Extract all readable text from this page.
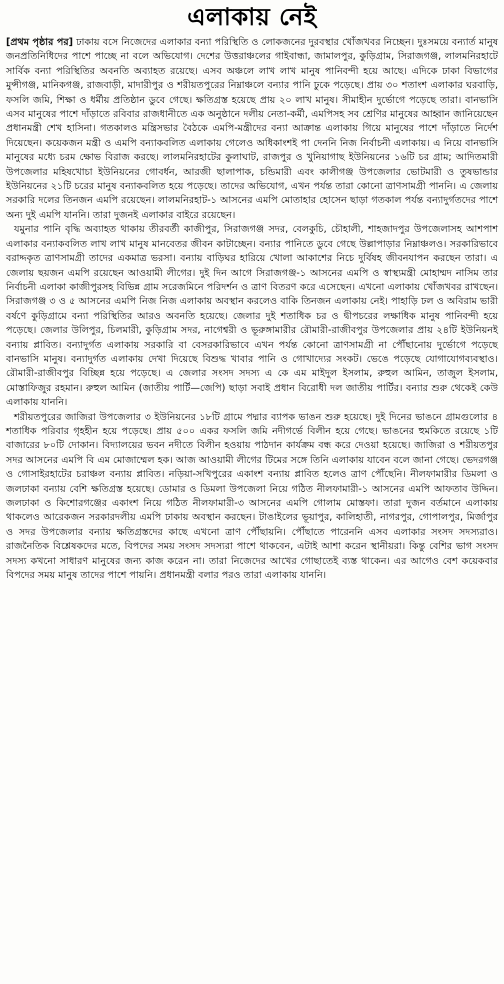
এলাকায় নেই

[প্রথম পৃষ্ঠার পর] ঢাকায় বসে নিজেদের এলাকার বন্যা পরিস্থিতি ও লোকজনের দুরবস্থার খোঁজখবর নিচ্ছেন। দুঃসময়ে বন্যার্ত মানুষ জনপ্রতিনিধিদের পাশে পাচ্ছে না বলে অভিযোগ। দেশের উত্তরাঞ্চলের গাইবান্ধা, জামালপুর, কুড়িগ্রাম, সিরাজগঞ্জ, লালমনিরহাটে সার্বিক বন্যা পরিস্থিতির অবনতি অব্যাহত রয়েছে। এসব অঞ্চলে লাখ লাখ মানুষ পানিবন্দী হয়ে আছে। এদিকে ঢাকা বিভাগের মুন্সীগঞ্জ, মানিকগঞ্জ, রাজবাড়ী, মাদারীপুর ও শরীয়তপুরের নিম্নাঞ্চলে বন্যার পানি ঢুকে পড়েছে। প্রায় ৩০ শতাংশ এলাকার ঘরবাড়ি, ফসলি জমি, শিক্ষা ও ধর্মীয় প্রতিষ্ঠান ডুবে গেছে। ক্ষতিগ্রস্ত হয়েছে প্রায় ২০ লাখ মানুষ। সীমাহীন দুর্ভোগে পড়েছে তারা। বানভাসি এসব মানুষের পাশে দাঁড়াতে রবিবার রাজধানীতে এক অনুষ্ঠানে দলীয় নেতা-কর্মী, এমপিসহ সব শ্রেণির মানুষের আহ্বান জানিয়েছেন প্রধানমন্ত্রী শেখ হাসিনা। গতকালও মন্ত্রিসভার বৈঠকে এমপি-মন্ত্রীদের বন্যা আক্রান্ত এলাকায় গিয়ে মানুষের পাশে দাঁড়াতে নির্দেশ দিয়েছেন। কয়েকজন মন্ত্রী ও এমপি বন্যাকবলিত এলাকায় গেলেও অধিকাংশই পা দেননি নিজ নির্বাচনী এলাকায়। এ নিয়ে বানভাসি মানুষের মধ্যে চরম ক্ষোভ বিরাজ করছে। লালমনিরহাটের কুলাঘাট, রাজপুর ও খুনিয়াগাছ ইউনিয়নের ১৬টি চর গ্রাম; আদিতমারী উপজেলার মহিষখোচা ইউনিয়নের গোবর্ধন, আরজী ছালাপাক, চন্ডিমারী এবং কালীগঞ্জ উপজেলার ভোটমারী ও তুষভান্ডার ইউনিয়নের ২১টি চরের মানুষ বন্যাকবলিত হয়ে পড়েছে। তাদের অভিযোগ, এখন পর্যন্ত তারা কোনো ত্রাণসামগ্রী পাননি। এ জেলায় সরকারি দলের তিনজন এমপি রয়েছেন। লালমনিরহাট-১ আসনের এমপি মোতাহার হোসেন ছাড়া গতকাল পর্যন্ত বন্যাদুর্গতদের পাশে অন্য দুই এমপি যাননি। তারা দুজনই এলাকার বাইরে রয়েছেন।

যমুনার পানি বৃদ্ধি অব্যাহত থাকায় তীরবর্তী কাজীপুর, সিরাজগঞ্জ সদর, বেলকুচি, চৌহালী, শাহজাদপুর উপজেলাসহ আশপাশ এলাকার বন্যাকবলিত লাখ লাখ মানুষ মানবেতর জীবন কাটাচ্ছেন। বন্যার পানিতে ডুবে গেছে উল্লাপাড়ার নিম্নাঞ্চলও। সরকারিভাবে বরাদ্দকৃত ত্রাণসামগ্রী তাদের একমাত্র ভরসা। বন্যায় বাড়িঘর হারিয়ে খোলা আকাশের নিচে দুর্বিষহ জীবনযাপন করছেন তারা। এ জেলায় ছয়জন এমপি রয়েছেন আওয়ামী লীগের। দুই দিন আগে সিরাজগঞ্জ-১ আসনের এমপি ও স্বাস্থ্যমন্ত্রী মোহাম্মদ নাসিম তার নির্বাচনী এলাকা কাজীপুরসহ বিভিন্ন গ্রাম সরেজমিনে পরিদর্শন ও ত্রাণ বিতরণ করে এসেছেন। এখনো এলাকায় খোঁজখবর রাখছেন। সিরাজগঞ্জ ৩ ও ৫ আসনের এমপি নিজ নিজ এলাকায় অবস্থান করলেও বাকি তিনজন এলাকায় নেই। পাহাড়ি ঢল ও অবিরাম ভারী বর্ষণে কুড়িগ্রামে বন্যা পরিস্থিতির আরও অবনতি হয়েছে। জেলার দুই শতাধিক চর ও দ্বীপচরের লক্ষাধিক মানুষ পানিবন্দী হয়ে পড়েছে। জেলার উলিপুর, চিলমারী, কুড়িগ্রাম সদর, নাগেশ্বরী ও ভূরুঙ্গামারীর রৌমারী-রাজীবপুর উপজেলার প্রায় ২৪টি ইউনিয়নই বন্যায় প্লাবিত। বন্যাদুর্গত এলাকায় সরকারি বা বেসরকারিভাবে এখন পর্যন্ত কোনো ত্রাণসামগ্রী না পৌঁছানোয় দুর্ভোগে পড়েছে বানভাসি মানুষ। বন্যাদুর্গত এলাকায় দেখা দিয়েছে বিশুদ্ধ খাবার পানি ও গোখাদ্যের সংকট। ভেঙে পড়েছে যোগাযোগব্যবস্থাও। রৌমারী-রাজীবপুর বিচ্ছিন্ন হয়ে পড়েছে। এ জেলার সংসদ সদস্য এ কে এম মাইদুল ইসলাম, রুহুল আমিন, তাজুল ইসলাম, মোস্তাফিজুর রহমান। রুহুল আমিন (জাতীয় পার্টি—জেপি) ছাড়া সবাই প্রধান বিরোধী দল জাতীয় পার্টির। বন্যার শুরু থেকেই কেউ এলাকায় যাননি।

শরীয়তপুরের জাজিরা উপজেলার ৩ ইউনিয়নের ১৮টি গ্রামে পদ্মার ব্যাপক ভাঙন শুরু হয়েছে। দুই দিনের ভাঙনে গ্রামগুলোর ৪ শতাধিক পরিবার গৃহহীন হয়ে পড়েছে। প্রায় ৫০০ একর ফসলি জমি নদীগর্ভে বিলীন হয়ে গেছে। ভাঙনের হুমকিতে রয়েছে ১টি বাজারের ৮০টি দোকান। বিদ্যালয়ের ভবন নদীতে বিলীন হওয়ায় পাঠদান কার্যক্রম বন্ধ করে দেওয়া হয়েছে। জাজিরা ও শরীয়তপুর সদর আসনের এমপি বি এম মোজাম্মেল হক। আজ আওয়ামী লীগের টিমের সঙ্গে তিনি এলাকায় যাবেন বলে জানা গেছে। ভেদরগঞ্জ ও গোসাইরহাটের চরাঞ্চল বন্যায় প্লাবিত। নড়িয়া-সখিপুরের একাংশ বন্যায় প্লাবিত হলেও ত্রাণ পৌঁছেনি। নীলফামারীর ডিমলা ও জলঢাকা বন্যায় বেশি ক্ষতিগ্রস্ত হয়েছে। ডোমার ও ডিমলা উপজেলা নিয়ে গঠিত নীলফামারী-১ আসনের এমপি আফতাব উদ্দিন। জলঢাকা ও কিশোরগঞ্জের একাংশ নিয়ে গঠিত নীলফামারী-৩ আসনের এমপি গোলাম মোস্তফা। তারা দুজন বর্তমানে এলাকায় থাকলেও আরেকজন সরকারদলীয় এমপি ঢাকায় অবস্থান করছেন। টাঙাইলের ভূয়াপুর, কালিহাতী, নাগরপুর, গোপালপুর, মির্জাপুর ও সদর উপজেলার বন্যায় ক্ষতিগ্রস্তদের কাছে এখনো ত্রাণ পৌঁছায়নি। পৌঁছাতে পারেননি এসব এলাকার সংসদ সদস্যরাও। রাজনৈতিক বিশ্লেষকদের মতে, বিপদের সময় সংসদ সদস্যরা পাশে থাকবেন, এটাই আশা করেন স্থানীয়রা। কিন্তু বেশির ভাগ সংসদ সদস্য কখনো সাধারণ মানুষের জন্য কাজ করেন না। তারা নিজেদের আখের গোছাতেই ব্যস্ত থাকেন। এর আগেও বেশ কয়েকবার বিপদের সময় মানুষ তাদের পাশে পায়নি। প্রধানমন্ত্রী বলার পরও তারা এলাকায় যাননি।
